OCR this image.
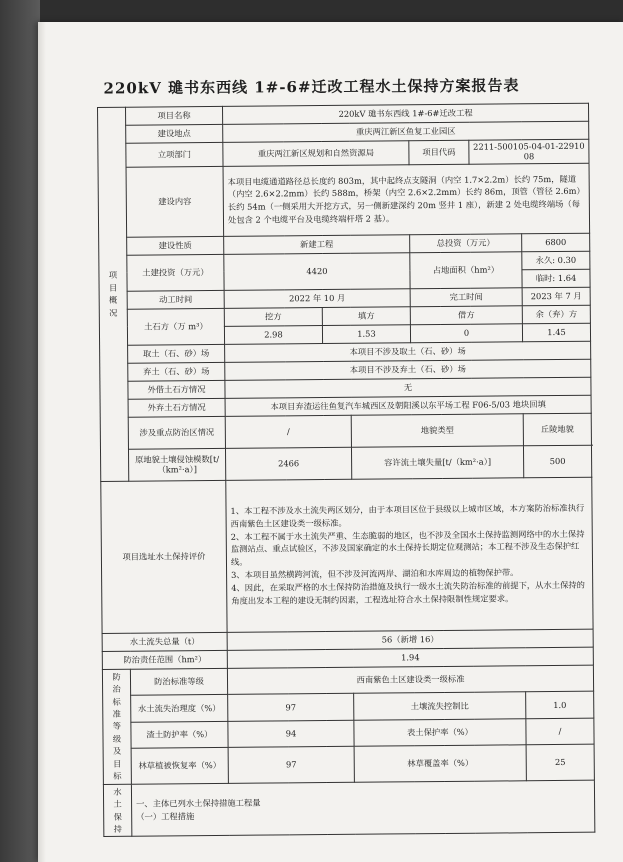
220kV 璡书东西线 1#-6#迁改工程水土保持方案报告表
项目概况	项目名称	220kV 璡书东西线 1#-6#迁改工程					
	建设地点	重庆两江新区鱼复工业园区					
	立项部门	重庆两江新区规划和自然资源局			项目代码	2211-500105-04-01-2291008	
	建设内容	本项目电缆通道路径总长度约 803m，其中起终点支隧洞（内空 1.7×2.2m）长约 75m，隧道（内空 2.6×2.2mm）长约 588m，桥架（内空 2.6×2.2mm）长约 86m，顶管（管径 2.6m）长约 54m（一侧采用大开挖方式，另一侧新建深约 20m 竖井 1 座），新建 2 处电缆终端场（每处包含 2 个电缆平台及电缆终端杆塔 2 基）。					
	建设性质	新建工程			总投资（万元）		6800
	土建投资（万元）	4420			占地面积（hm²）		永久: 0.30
							临时: 1.64
	动工时间	2022 年 10 月			完工时间		2023 年 7 月
	土石方（万 m³）	挖方	填方		借方		余（弃）方
		2.98	1.53		0		1.45
	取土（石、砂）场	本项目不涉及取土（石、砂）场					
	弃土（石、砂）场	本项目不涉及弃土（石、砂）场					
	外借土石方情况	无					
	外弃土石方情况	本项目弃渣运往鱼复汽车城西区及朝阳溪以东平场工程 F06-5/03 地块回填					
	涉及重点防治区情况	/		地貌类型			丘陵地貌
	原地貌土壤侵蚀模数[t/（km²·a）]	2466		容许流土壤失量[t/（km²·a）]			500
项目选址水土保持评价		1、本工程不涉及水土流失两区划分，由于本项目区位于县级以上城市区域，本方案防治标准执行西南紫色土区建设类一级标准。
2、本工程不属于水土流失严重、生态脆弱的地区，也不涉及全国水土保持监测网络中的水土保持监测站点、重点试验区，不涉及国家确定的水土保持长期定位观测站；本工程不涉及生态保护红线。
3、本项目虽然横跨河流，但不涉及河流两岸、湖泊和水库周边的植物保护带。
4、因此，在采取严格的水土保持防治措施及执行一级水土流失防治标准的前提下，从水土保持的角度出发本工程的建设无制约因素，工程选址符合水土保持限制性规定要求。					

水土流失总量（t）		56（新增 16）					
防治责任范围（hm²）		1.94					

防治标准等级及目标	防治标准等级	西南紫色土区建设类一级标准					
	水土流失治理度（%）	97		土壤流失控制比			1.0
	渣土防护率（%）	94		表土保护率（%）			/
	林草植被恢复率（%）	97		林草覆盖率（%）			25

水土保持	一、主体已列水土保持措施工程量
（一）工程措施						
